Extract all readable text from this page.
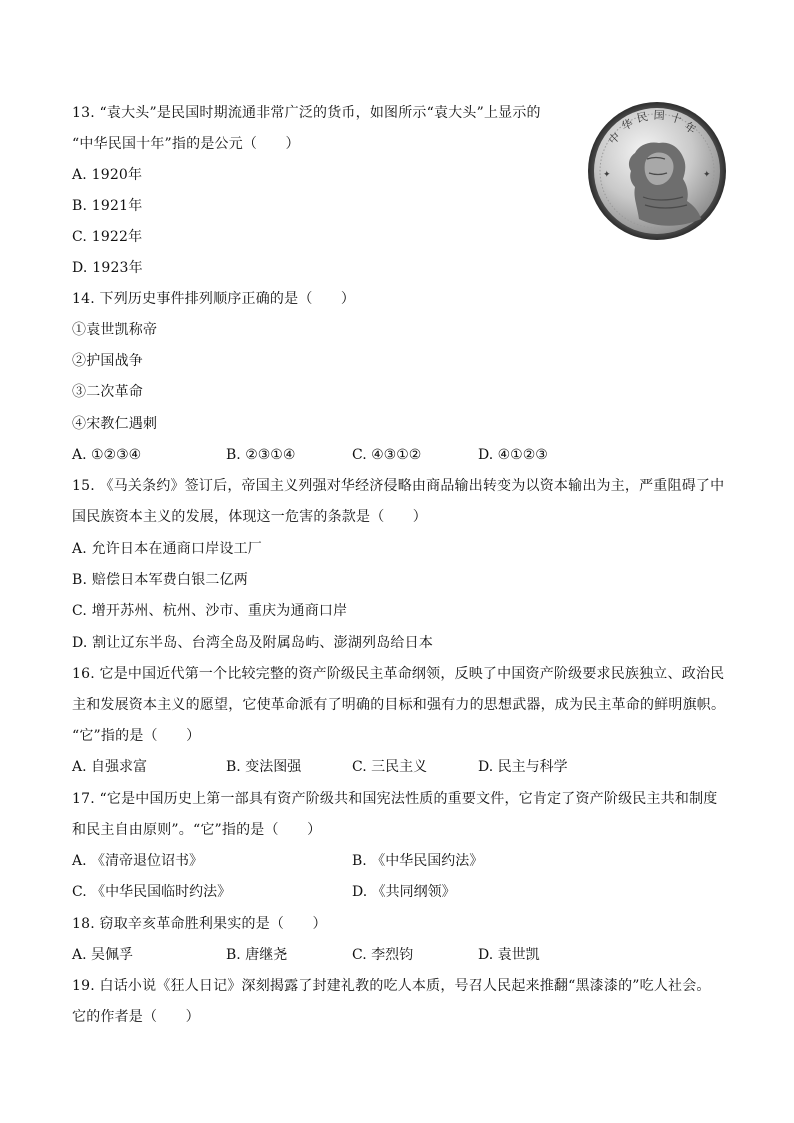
13. “袁大头”是民国时期流通非常广泛的货币，如图所示“袁大头”上显示的
“中华民国十年”指的是公元（　　）
A. 1920年
B. 1921年
C. 1922年
D. 1923年
中
华 民 国 十
年
✦	✦
14. 下列历史事件排列顺序正确的是（　　）
①袁世凯称帝
②护国战争
③二次革命
④宋教仁遇刺
A. ①②③④	B. ②③①④	C. ④③①②	D. ④①②③
15. 《马关条约》签订后，帝国主义列强对华经济侵略由商品输出转变为以资本输出为主，严重阻碍了中
国民族资本主义的发展，体现这一危害的条款是（　　）
A. 允许日本在通商口岸设工厂
B. 赔偿日本军费白银二亿两
C. 增开苏州、杭州、沙市、重庆为通商口岸
D. 割让辽东半岛、台湾全岛及附属岛屿、澎湖列岛给日本
16. 它是中国近代第一个比较完整的资产阶级民主革命纲领，反映了中国资产阶级要求民族独立、政治民
主和发展资本主义的愿望，它使革命派有了明确的目标和强有力的思想武器，成为民主革命的鲜明旗帜。
“它”指的是（　　）
A. 自强求富	B. 变法图强	C. 三民主义	D. 民主与科学
17. “它是中国历史上第一部具有资产阶级共和国宪法性质的重要文件，它肯定了资产阶级民主共和制度
和民主自由原则”。“它”指的是（　　）
A. 《清帝退位诏书》	B. 《中华民国约法》
C. 《中华民国临时约法》	D. 《共同纲领》
18. 窃取辛亥革命胜利果实的是（　　）
A. 吴佩孚	B. 唐继尧	C. 李烈钧	D. 袁世凯
19. 白话小说《狂人日记》深刻揭露了封建礼教的吃人本质，号召人民起来推翻“黑漆漆的”吃人社会。
它的作者是（　　）
